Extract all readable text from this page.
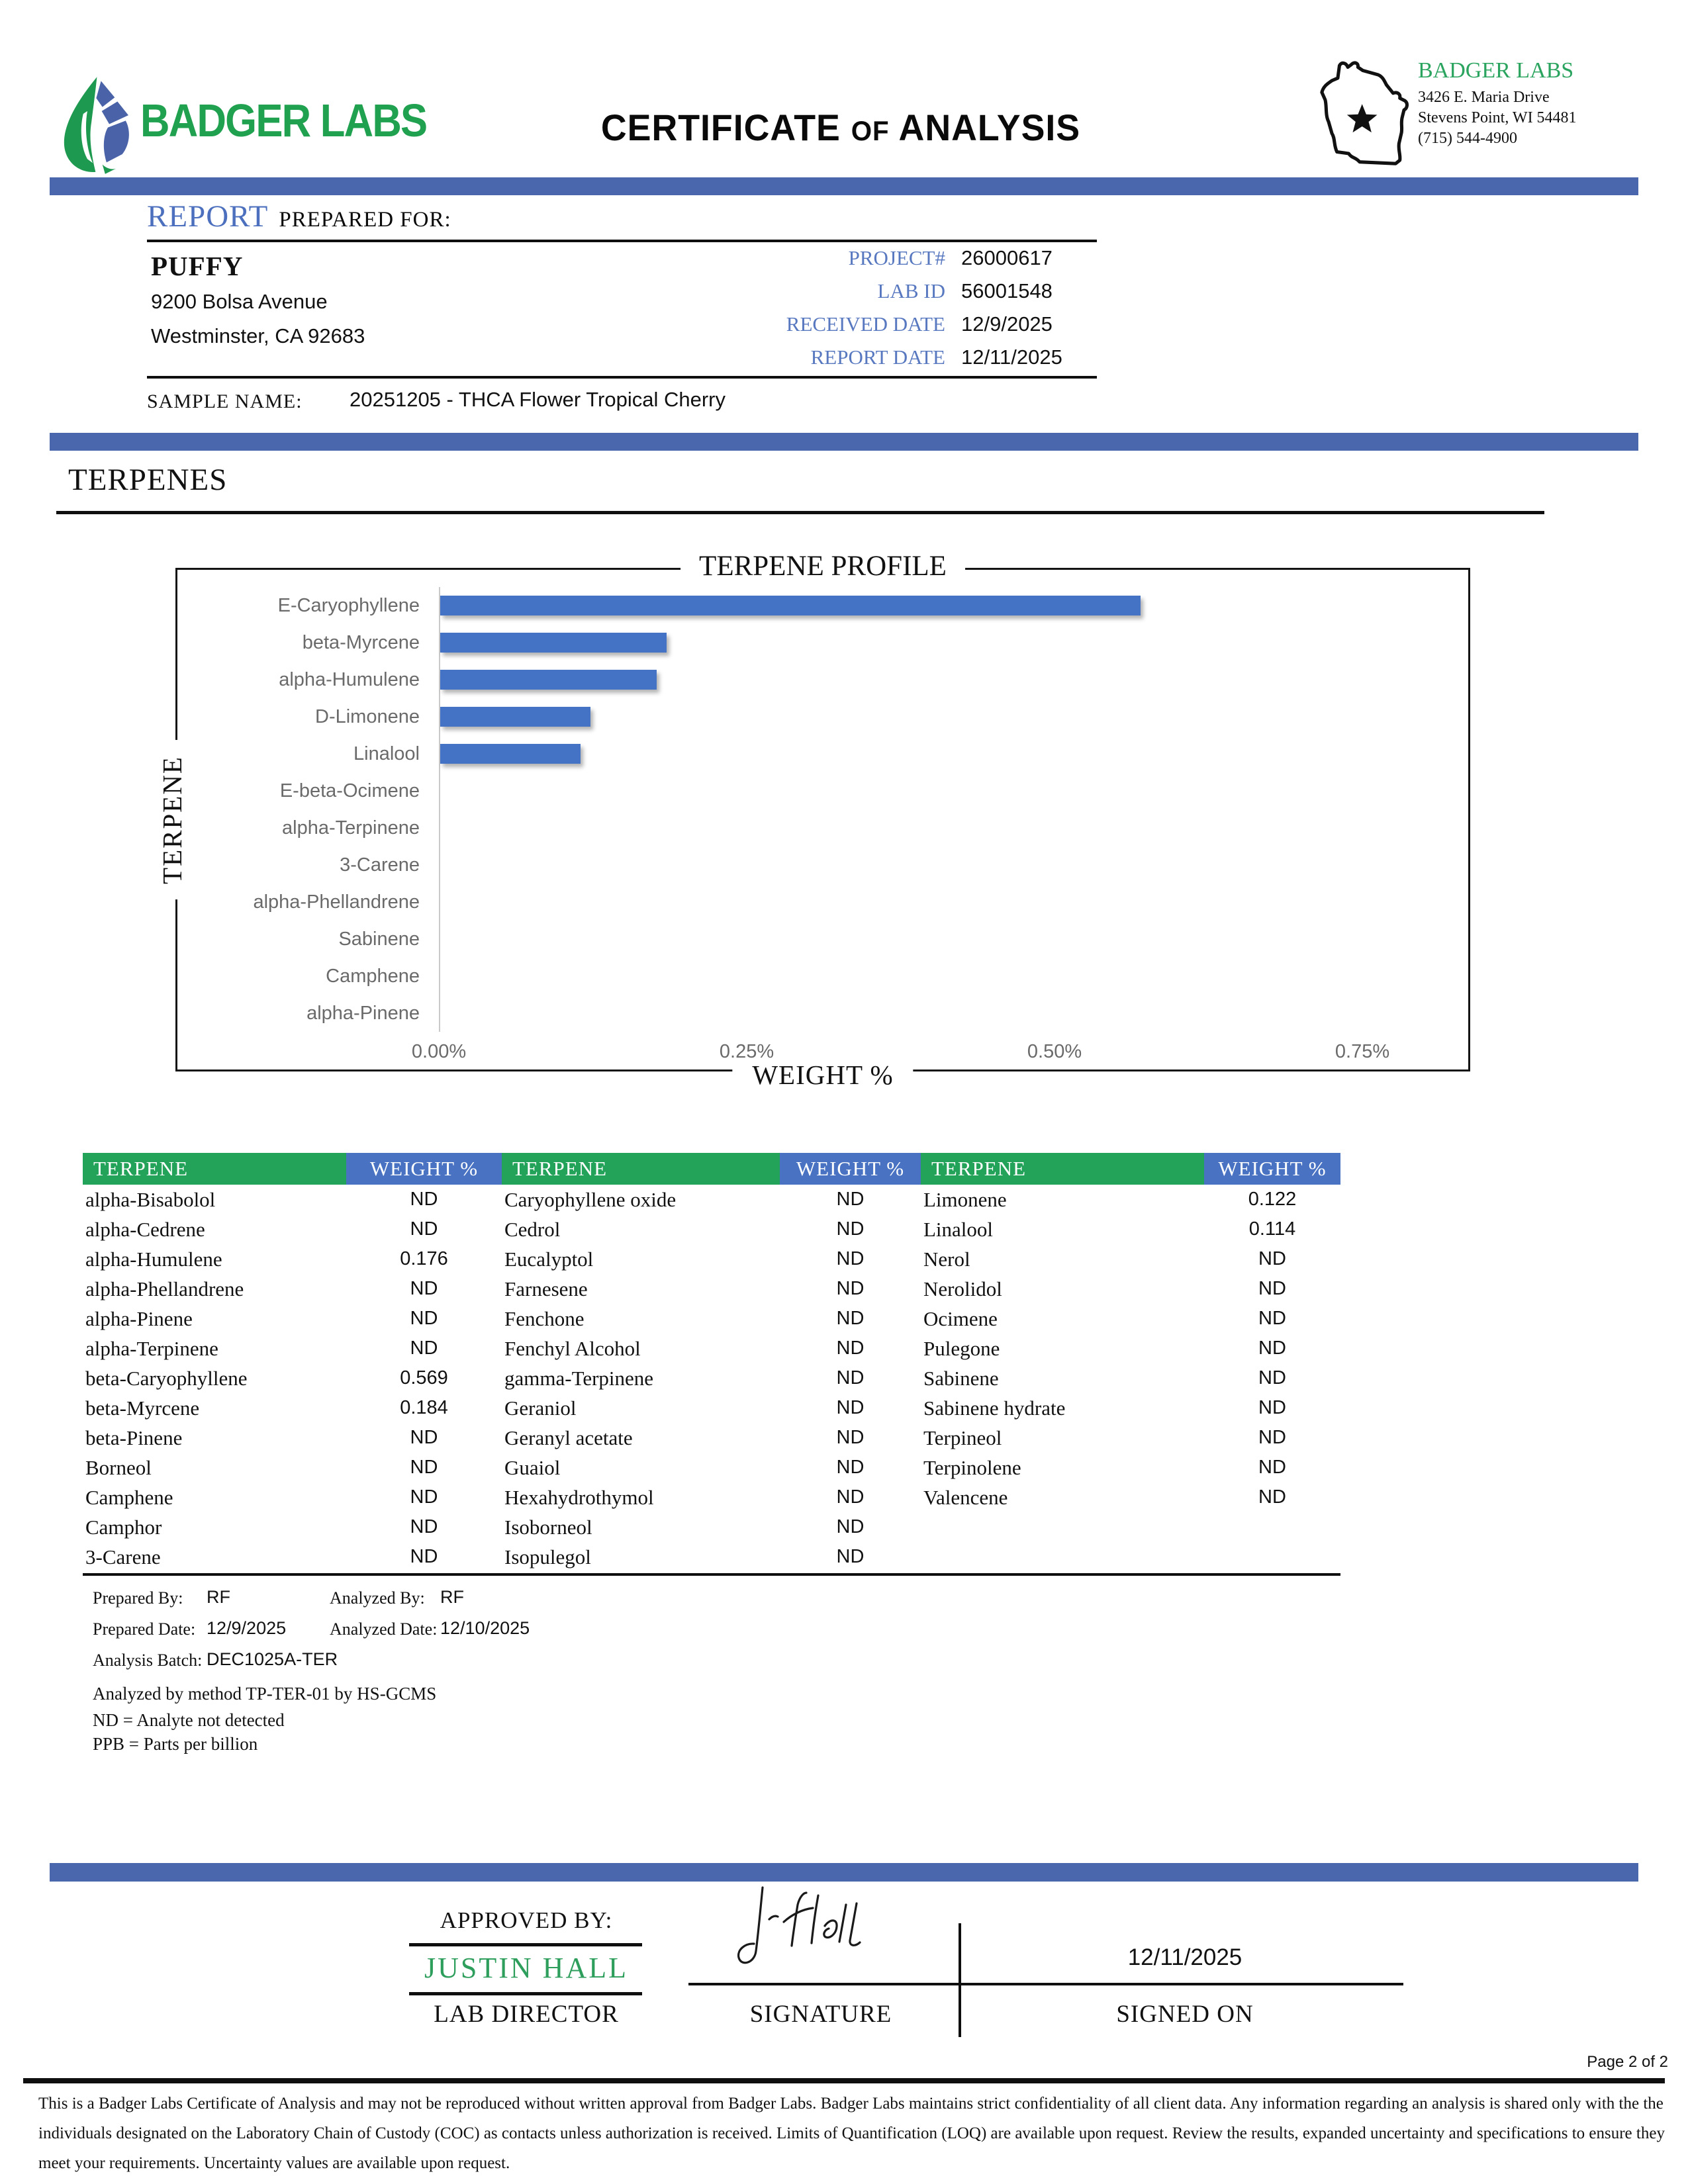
BADGER LABS	CERTIFICATE OF ANALYSIS
BADGER LABS
3426 E. Maria Drive
Stevens Point, WI 54481
(715) 544-4900
REPORT PREPARED FOR:
PUFFY
9200 Bolsa Avenue
Westminster, CA 92683
PROJECT# 26000617
LAB ID 56001548
RECEIVED DATE 12/9/2025
REPORT DATE 12/11/2025
SAMPLE NAME: 20251205 - THCA Flower Tropical Cherry
TERPENES
TERPENE PROFILE
TERPENE
WEIGHT %
E-Caryophyllene
beta-Myrcene
alpha-Humulene
D-Limonene
Linalool
E-beta-Ocimene
alpha-Terpinene
3-Carene
alpha-Phellandrene
Sabinene
Camphene
alpha-Pinene
0.00%	0.25%	0.50%	0.75%
TERPENE	WEIGHT %	TERPENE	WEIGHT %	TERPENE	WEIGHT %
alpha-Bisabolol	ND	Caryophyllene oxide	ND	Limonene	0.122
alpha-Cedrene	ND	Cedrol	ND	Linalool	0.114
alpha-Humulene	0.176	Eucalyptol	ND	Nerol	ND
alpha-Phellandrene	ND	Farnesene	ND	Nerolidol	ND
alpha-Pinene	ND	Fenchone	ND	Ocimene	ND
alpha-Terpinene	ND	Fenchyl Alcohol	ND	Pulegone	ND
beta-Caryophyllene	0.569	gamma-Terpinene	ND	Sabinene	ND
beta-Myrcene	0.184	Geraniol	ND	Sabinene hydrate	ND
beta-Pinene	ND	Geranyl acetate	ND	Terpineol	ND
Borneol	ND	Guaiol	ND	Terpinolene	ND
Camphene	ND	Hexahydrothymol	ND	Valencene	ND
Camphor	ND	Isoborneol	ND
3-Carene	ND	Isopulegol	ND
Prepared By: RF	Analyzed By: RF
Prepared Date: 12/9/2025	Analyzed Date: 12/10/2025
Analysis Batch: DEC1025A-TER
Analyzed by method TP-TER-01 by HS-GCMS
ND = Analyte not detected
PPB = Parts per billion
APPROVED BY:
JUSTIN HALL
LAB DIRECTOR
12/11/2025
SIGNATURE	SIGNED ON
Page 2 of 2
This is a Badger Labs Certificate of Analysis and may not be reproduced without written approval from Badger Labs. Badger Labs maintains strict confidentiality of all client data. Any information regarding an analysis is shared only with the the individuals designated on the Laboratory Chain of Custody (COC) as contacts unless authorization is received. Limits of Quantification (LOQ) are available upon request. Review the results, expanded uncertainty and specifications to ensure they meet your requirements. Uncertainty values are available upon request.
